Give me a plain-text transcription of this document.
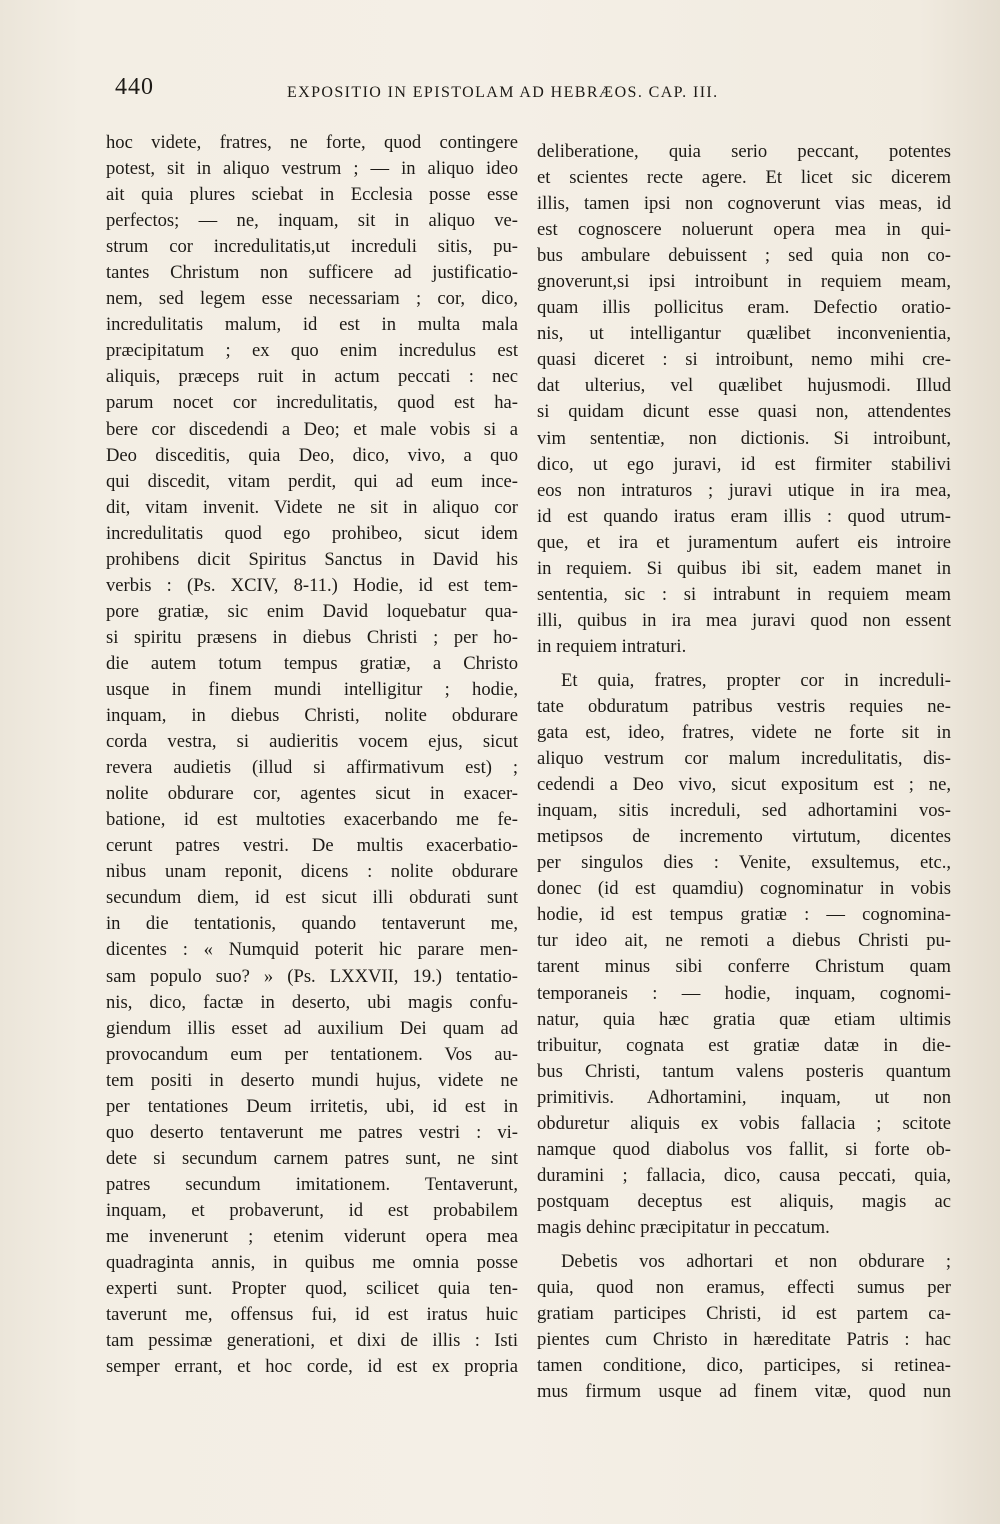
440	EXPOSITIO IN EPISTOLAM AD HEBRÆOS. CAP. III.
hoc videte, fratres, ne forte, quod contingere
potest, sit in aliquo vestrum ; — in aliquo ideo
ait quia plures sciebat in Ecclesia posse esse
perfectos; — ne, inquam, sit in aliquo ve-
strum cor incredulitatis,ut increduli sitis, pu-
tantes Christum non sufficere ad justificatio-
nem, sed legem esse necessariam ; cor, dico,
incredulitatis malum, id est in multa mala
præcipitatum ; ex quo enim incredulus est
aliquis, præceps ruit in actum peccati : nec
parum nocet cor incredulitatis, quod est ha-
bere cor discedendi a Deo; et male vobis si a
Deo disceditis, quia Deo, dico, vivo, a quo
qui discedit, vitam perdit, qui ad eum ince-
dit, vitam invenit. Videte ne sit in aliquo cor
incredulitatis quod ego prohibeo, sicut idem
prohibens dicit Spiritus Sanctus in David his
verbis : (Ps. XCIV, 8-11.) Hodie, id est tem-
pore gratiæ, sic enim David loquebatur qua-
si spiritu præsens in diebus Christi ; per ho-
die autem totum tempus gratiæ, a Christo
usque in finem mundi intelligitur ; hodie,
inquam, in diebus Christi, nolite obdurare
corda vestra, si audieritis vocem ejus, sicut
revera audietis (illud si affirmativum est) ;
nolite obdurare cor, agentes sicut in exacer-
batione, id est multoties exacerbando me fe-
cerunt patres vestri. De multis exacerbatio-
nibus unam reponit, dicens : nolite obdurare
secundum diem, id est sicut illi obdurati sunt
in die tentationis, quando tentaverunt me,
dicentes : « Numquid poterit hic parare men-
sam populo suo? » (Ps. LXXVII, 19.) tentatio-
nis, dico, factæ in deserto, ubi magis confu-
giendum illis esset ad auxilium Dei quam ad
provocandum eum per tentationem. Vos au-
tem positi in deserto mundi hujus, videte ne
per tentationes Deum irritetis, ubi, id est in
quo deserto tentaverunt me patres vestri : vi-
dete si secundum carnem patres sunt, ne sint
patres secundum imitationem. Tentaverunt,
inquam, et probaverunt, id est probabilem
me invenerunt ; etenim viderunt opera mea
quadraginta annis, in quibus me omnia posse
experti sunt. Propter quod, scilicet quia ten-
taverunt me, offensus fui, id est iratus huic
tam pessimæ generationi, et dixi de illis : Isti
semper errant, et hoc corde, id est ex propria
deliberatione, quia serio peccant, potentes
et scientes recte agere. Et licet sic dicerem
illis, tamen ipsi non cognoverunt vias meas, id
est cognoscere noluerunt opera mea in qui-
bus ambulare debuissent ; sed quia non co-
gnoverunt,si ipsi introibunt in requiem meam,
quam illis pollicitus eram. Defectio oratio-
nis, ut intelligantur quælibet inconvenientia,
quasi diceret : si introibunt, nemo mihi cre-
dat ulterius, vel quælibet hujusmodi. Illud
si quidam dicunt esse quasi non, attendentes
vim sententiæ, non dictionis. Si introibunt,
dico, ut ego juravi, id est firmiter stabilivi
eos non intraturos ; juravi utique in ira mea,
id est quando iratus eram illis : quod utrum-
que, et ira et juramentum aufert eis introire
in requiem. Si quibus ibi sit, eadem manet in
sententia, sic : si intrabunt in requiem meam
illi, quibus in ira mea juravi quod non essent
in requiem intraturi.
Et quia, fratres, propter cor in increduli-
tate obduratum patribus vestris requies ne-
gata est, ideo, fratres, videte ne forte sit in
aliquo vestrum cor malum incredulitatis, dis-
cedendi a Deo vivo, sicut expositum est ; ne,
inquam, sitis increduli, sed adhortamini vos-
metipsos de incremento virtutum, dicentes
per singulos dies : Venite, exsultemus, etc.,
donec (id est quamdiu) cognominatur in vobis
hodie, id est tempus gratiæ : — cognomina-
tur ideo ait, ne remoti a diebus Christi pu-
tarent minus sibi conferre Christum quam
temporaneis : — hodie, inquam, cognomi-
natur, quia hæc gratia quæ etiam ultimis
tribuitur, cognata est gratiæ datæ in die-
bus Christi, tantum valens posteris quantum
primitivis. Adhortamini, inquam, ut non
obduretur aliquis ex vobis fallacia ; scitote
namque quod diabolus vos fallit, si forte ob-
duramini ; fallacia, dico, causa peccati, quia,
postquam deceptus est aliquis, magis ac
magis dehinc præcipitatur in peccatum.
Debetis vos adhortari et non obdurare ;
quia, quod non eramus, effecti sumus per
gratiam participes Christi, id est partem ca-
pientes cum Christo in hæreditate Patris : hac
tamen conditione, dico, participes, si retinea-
mus firmum usque ad finem vitæ, quod nun
